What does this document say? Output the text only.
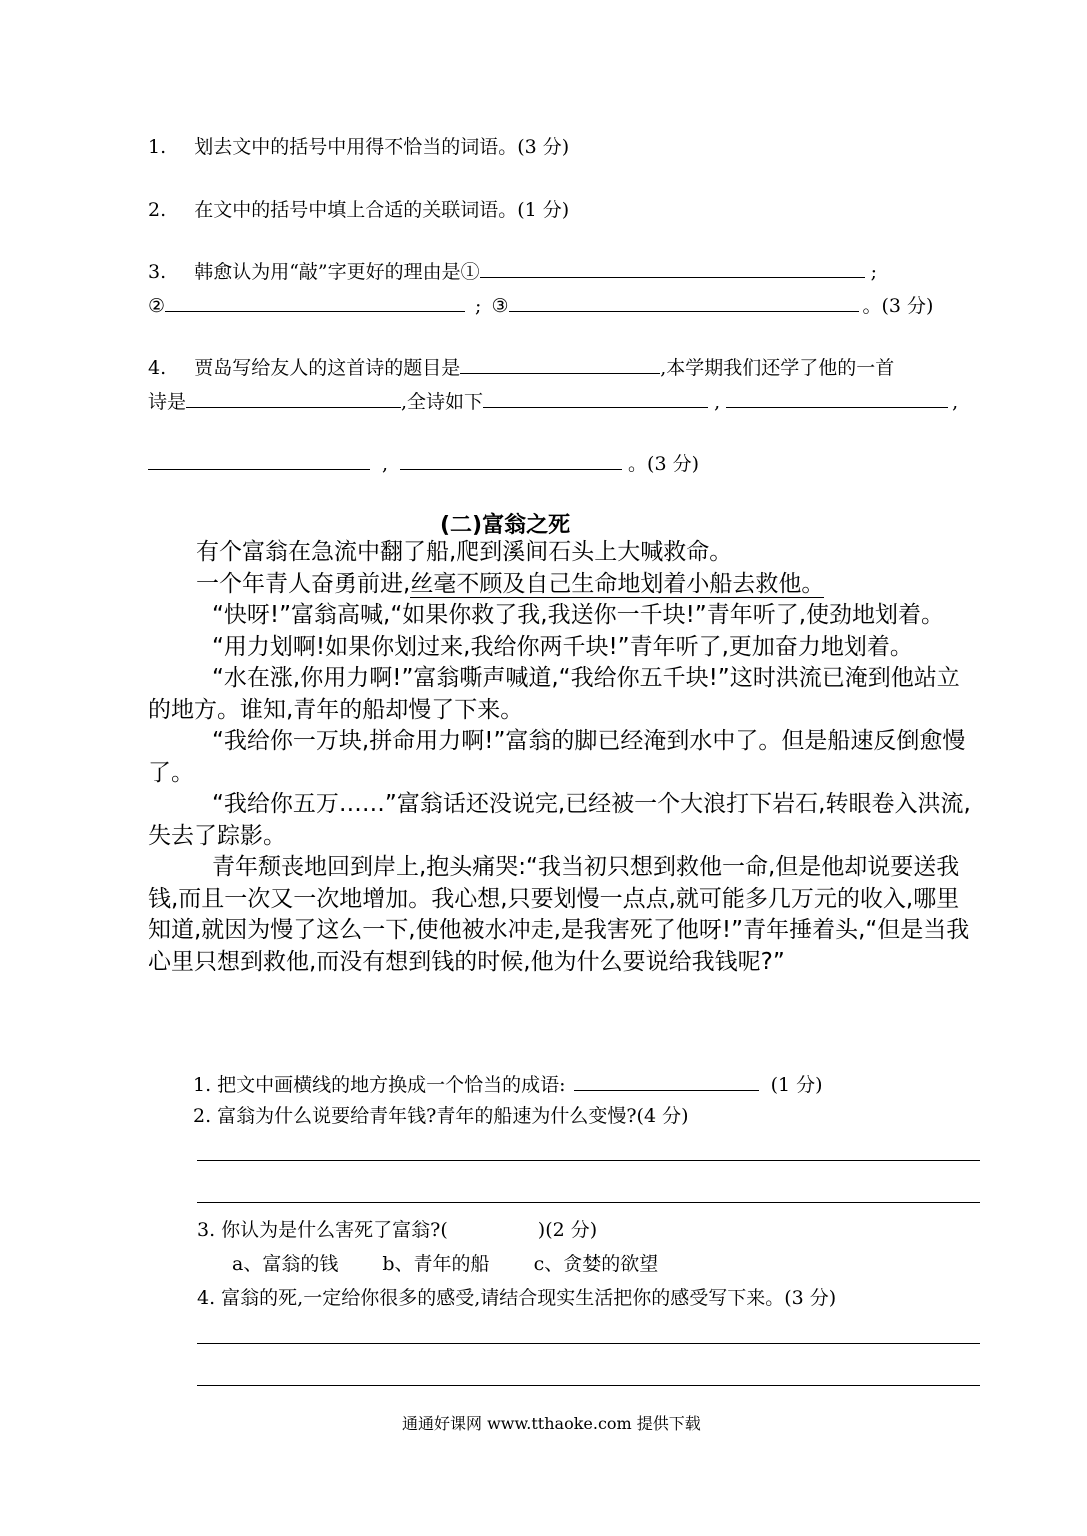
1. 划去文中的括号中用得不恰当的词语。(3 分)
2. 在文中的括号中填上合适的关联词语。(1 分)
3. 韩愈认为用“敲”字更好的理由是①	;
②	; ③	。(3 分)
4. 贾岛写给友人的这首诗的题目是	,本学期我们还学了他的一首
诗是	,全诗如下	,	,
,	。(3 分)
(二)富翁之死

有个富翁在急流中翻了船,爬到溪间石头上大喊救命。

一个年青人奋勇前进,丝毫不顾及自己生命地划着小船去救他。

“快呀!”富翁高喊,“如果你救了我,我送你一千块!”青年听了,使劲地划着。

“用力划啊!如果你划过来,我给你两千块!”青年听了,更加奋力地划着。

“水在涨,你用力啊!”富翁嘶声喊道,“我给你五千块!”这时洪流已淹到他站立的地方。谁知,青年的船却慢了下来。

“我给你一万块,拼命用力啊!”富翁的脚已经淹到水中了。但是船速反倒愈慢了。

“我给你五万……”富翁话还没说完,已经被一个大浪打下岩石,转眼卷入洪流,失去了踪影。

青年颓丧地回到岸上,抱头痛哭:“我当初只想到救他一命,但是他却说要送我钱,而且一次又一次地增加。我心想,只要划慢一点点,就可能多几万元的收入,哪里知道,就因为慢了这么一下,使他被水冲走,是我害死了他呀!”青年捶着头,“但是当我心里只想到救他,而没有想到钱的时候,他为什么要说给我钱呢?”

1. 把文中画横线的地方换成一个恰当的成语:	(1 分)
2. 富翁为什么说要给青年钱?青年的船速为什么变慢?(4 分)
3. 你认为是什么害死了富翁?(	)(2 分)
a、富翁的钱 b、青年的船 c、贪婪的欲望
4. 富翁的死,一定给你很多的感受,请结合现实生活把你的感受写下来。(3 分)
通通好课网 www.tthaoke.com 提供下载
